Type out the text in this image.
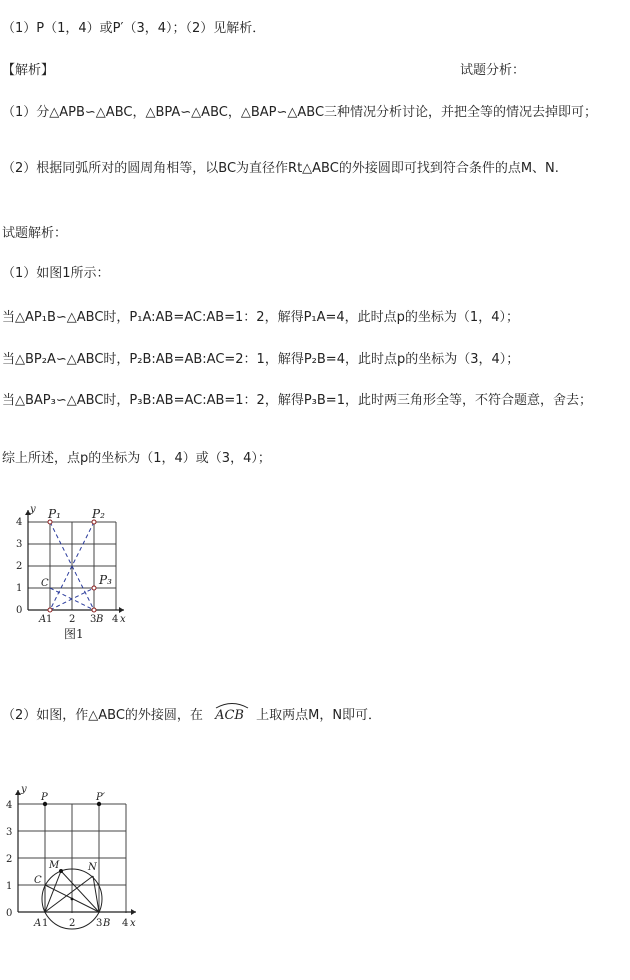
（1）P（1，4）或P′（3，4）；（2）见解析．
【解析】	试题分析：
（1）分△APB∽△ABC，△BPA∽△ABC，△BAP∽△ABC三种情况分析讨论，并把全等的情况去掉即可；
（2）根据同弧所对的圆周角相等，以BC为直径作Rt△ABC的外接圆即可找到符合条件的点M、N.
试题解析：
（1）如图1所示：
当△AP₁B∽△ABC时，P₁A:AB=AC:AB=1：2，解得P₁A=4，此时点p的坐标为（1，4）；
当△BP₂A∽△ABC时，P₂B:AB=AB:AC=2：1，解得P₂B=4，此时点p的坐标为（3，4）；
当△BAP₃∽△ABC时，P₃B:AB=AC:AB=1：2，解得P₃B=1，此时两三角形全等，不符合题意，舍去；
综上所述，点p的坐标为（1，4）或（3，4）；
4
3
2
1
0
2	4
y
x
P₁	P₂
P₃
C
A 1	3 B
图1
（2）如图，作△ABC的外接圆，在 ACB 上取两点M，N即可．
4
3
2
1
0
1 2 3 4
y
x
P	P′
M	N
C
A	B
